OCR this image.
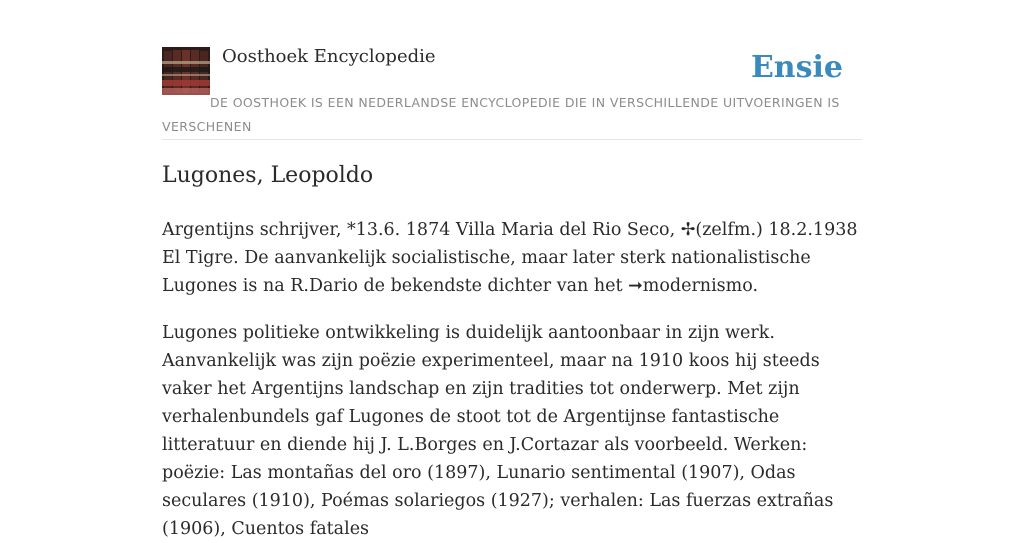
Oosthoek Encyclopedie	Ensie

DE OOSTHOEK IS EEN NEDERLANDSE ENCYCLOPEDIE DIE IN VERSCHILLENDE UITVOERINGEN IS VERSCHENEN

Lugones, Leopoldo

Argentijns schrijver, *13.6. 1874 Villa Maria del Rio Seco, ✢(zelfm.) 18.2.1938 El Tigre. De aanvankelijk socialistische, maar later sterk nationalistische Lugones is na R.Dario de bekendste dichter van het ➞modernismo.

Lugones politieke ontwikkeling is duidelijk aantoonbaar in zijn werk. Aanvankelijk was zijn poëzie experimenteel, maar na 1910 koos hij steeds vaker het Argentijns landschap en zijn tradities tot onderwerp. Met zijn verhalenbundels gaf Lugones de stoot tot de Argentijnse fantastische litteratuur en diende hij J. L.Borges en J.Cortazar als voorbeeld. Werken: poëzie: Las montañas del oro (1897), Lunario sentimental (1907), Odas seculares (1910), Poémas solariegos (1927); verhalen: Las fuerzas extrañas (1906), Cuentos fatales
